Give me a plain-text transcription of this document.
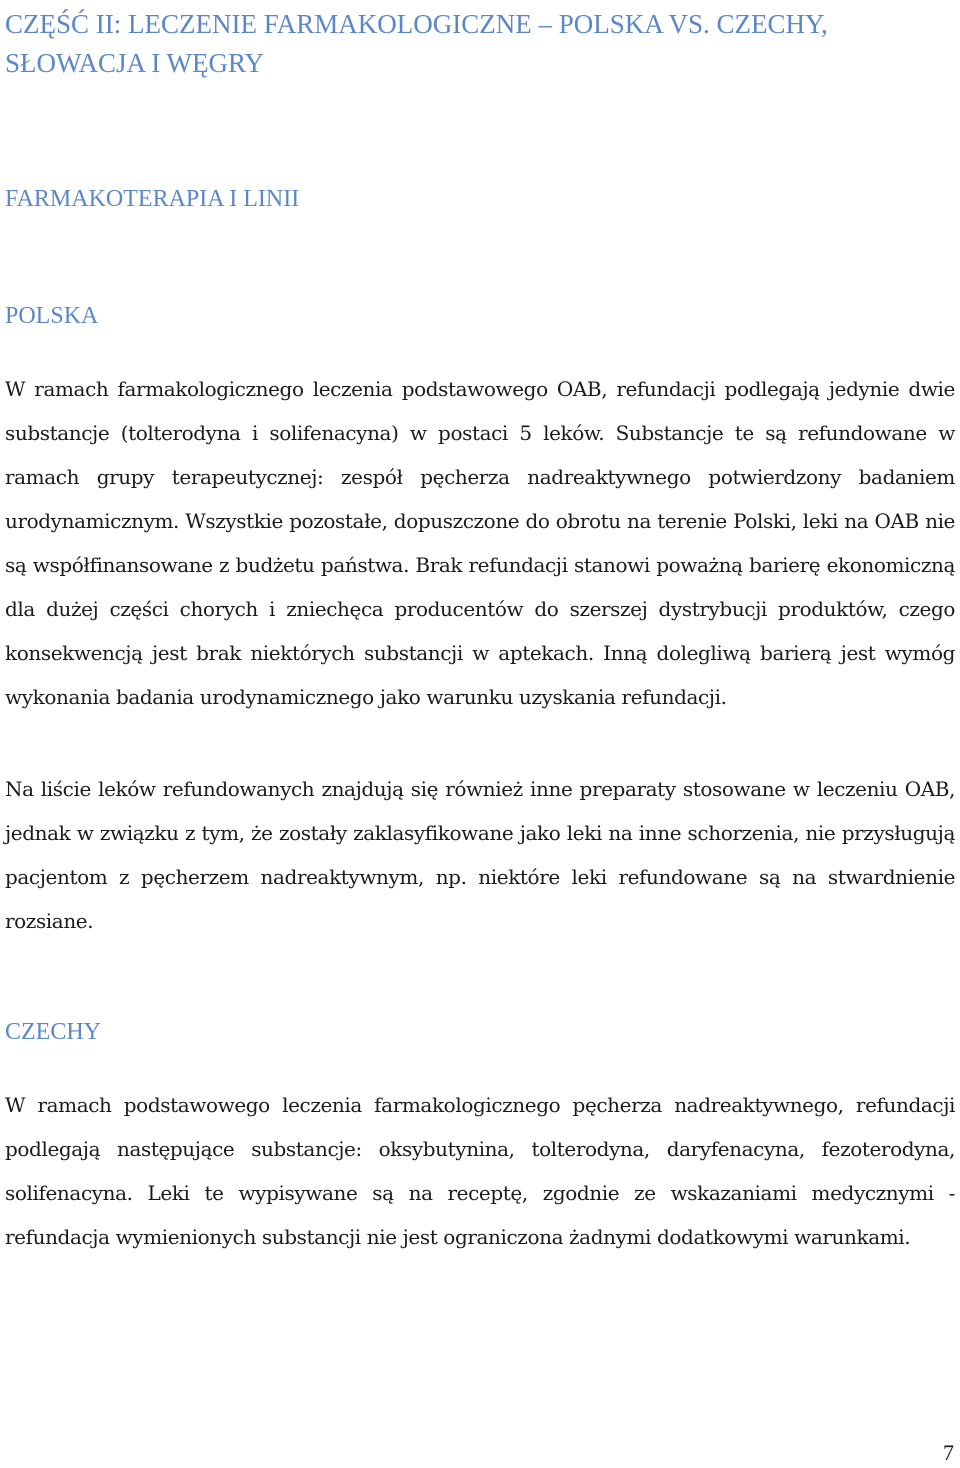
CZĘŚĆ II: LECZENIE FARMAKOLOGICZNE – POLSKA VS. CZECHY, SŁOWACJA I WĘGRY
FARMAKOTERAPIA I LINII
POLSKA

W ramach farmakologicznego leczenia podstawowego OAB, refundacji podlegają jedynie dwie substancje (tolterodyna i solifenacyna) w postaci 5 leków. Substancje te są refundowane w ramach grupy terapeutycznej: zespół pęcherza nadreaktywnego potwierdzony badaniem urodynamicznym. Wszystkie pozostałe, dopuszczone do obrotu na terenie Polski, leki na OAB nie są współfinansowane z budżetu państwa. Brak refundacji stanowi poważną barierę ekonomiczną dla dużej części chorych i zniechęca producentów do szerszej dystrybucji produktów, czego konsekwencją jest brak niektórych substancji w aptekach. Inną dolegliwą barierą jest wymóg wykonania badania urodynamicznego jako warunku uzyskania refundacji.

Na liście leków refundowanych znajdują się również inne preparaty stosowane w leczeniu OAB, jednak w związku z tym, że zostały zaklasyfikowane jako leki na inne schorzenia, nie przysługują pacjentom z pęcherzem nadreaktywnym, np. niektóre leki refundowane są na stwardnienie rozsiane.

CZECHY

W ramach podstawowego leczenia farmakologicznego pęcherza nadreaktywnego, refundacji podlegają następujące substancje: oksybutynina, tolterodyna, daryfenacyna, fezoterodyna, solifenacyna. Leki te wypisywane są na receptę, zgodnie ze wskazaniami medycznymi - refundacja wymienionych substancji nie jest ograniczona żadnymi dodatkowymi warunkami.

7
